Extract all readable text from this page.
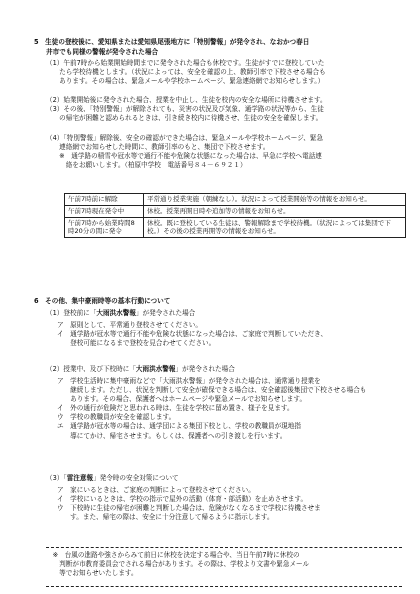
5　生徒の登校後に、愛知県または愛知県尾張地方に「特別警報」が発令され、なおかつ春日
井市でも同様の警報が発令された場合
（1）午前7時から始業開始時間までに発令された場合も休校です。生徒がすでに登校していた
　　たら学校待機とします。（状況によっては、安全を確認の上、教師引率で下校させる場合も
　　あります。その場合は、緊急メールや学校ホームページ、緊急連絡網でお知らせします。）
（2）始業開始後に発令された場合、授業を中止し、生徒を校内の安全な場所に待機させます。
（3）その後、「特別警報」が解除されても、災害の状況及び気象、通学路の状況等から、生徒
　　の帰宅が困難と認められるときは、引き続き校内に待機させ、生徒の安全を確保します。
（4）「特別警報」解除後、安全の確認ができた場合は、緊急メールや学校ホームページ、緊急
　　連絡網でお知らせした時間に、教師引率のもと、集団で下校させます。
　　※　通学路の積雪や冠水等で通行不能や危険な状態になった場合は、早急に学校へ電話連
　　　絡をお願いします。（柏原中学校　電話番号８４－６９２１）
午前7時前に解除	平常通り授業実施（朝練なし）。状況によって授業開始等の情報をお知らせ。
午前7時現在発令中	休校。授業再開日時や追加等の情報をお知らせ。
午前7時から始業時間8時20分の間に発令	休校。既に登校している生徒は、警報解除まで学校待機。（状況によっては集団で下校。）その後の授業再開等の情報をお知らせ。
6　その他、集中豪雨時等の基本行動について
（1）登校前に「大雨洪水警報」が発令された場合
ア　原則として、平常通り登校させてください。
イ　通学路が冠水等で通行不能や危険な状態になった場合は、ご家庭で判断していただき、
　　登校可能になるまで登校を見合わせてください。
（2）授業中、及び下校時に「大雨洪水警報」が発令された場合
ア　学校生活時に集中豪雨などで「大雨洪水警報」が発令された場合は、通常通り授業を
　　継続します。ただし、状況を判断して安全が確保できる場合は、安全確認後集団で下校させる場合も
　　あります。その場合、保護者へはホームページや緊急メールでお知らせします。
イ　外の通行が危険だと思われる時は、生徒を学校に留め置き、様子を見ます。
ウ　学校の教職員が安全を確認します。
エ　通学路が冠水等の場合は、通学団による集団下校とし、学校の教職員が現地指
　　導にてかけ、帰宅させます。もしくは、保護者への引き渡しを行います。
（3）「雷注意報」発令時の安全対策について
ア　家にいるときは、ご家庭の判断によって登校させてください。
イ　学校にいるときは、学校の指示で屋外の活動（体育・部活動）を止めさせます。
ウ　下校時に生徒の帰宅が困難と判断した場合は、危険がなくなるまで学校に待機させま
　　す。また、帰宅の際は、安全に十分注意して帰るように指示します。
　※　台風の進路や強さからみて前日に休校を決定する場合や、当日午前7時に休校の
　　判断が市教育委員会でされる場合があります。その際は、学校より文書や緊急メール
　　等でお知らせいたします。
